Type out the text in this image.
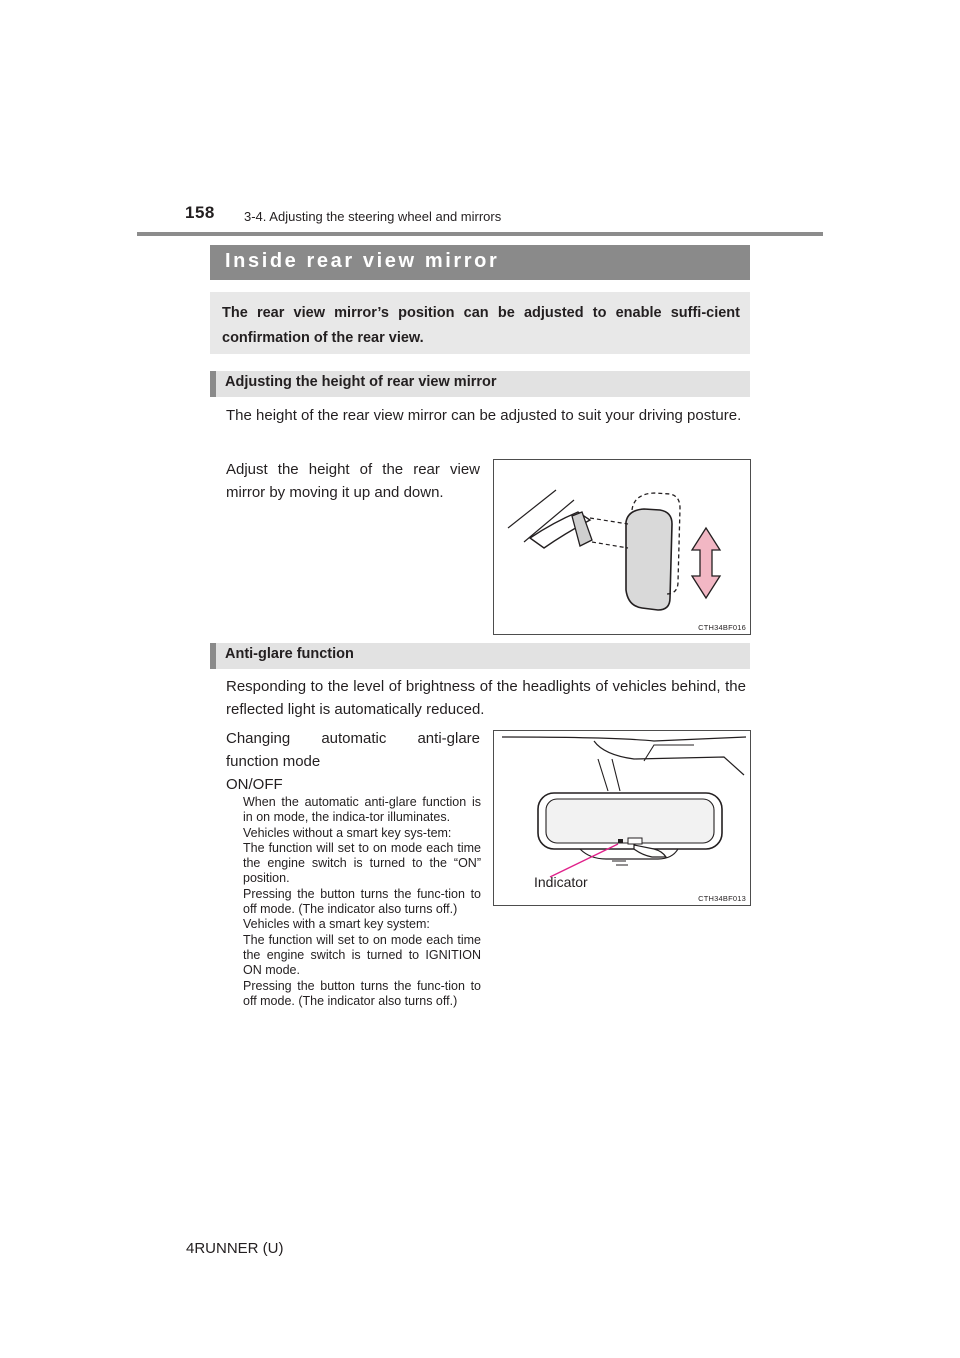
158 3-4. Adjusting the steering wheel and mirrors
Inside rear view mirror
The rear view mirror’s position can be adjusted to enable suffi-cient confirmation of the rear view.
Adjusting the height of rear view mirror
The height of the rear view mirror can be adjusted to suit your driving posture.
Adjust the height of the rear view mirror by moving it up and down.
CTH34BF016
Anti-glare function
Responding to the level of brightness of the headlights of vehicles behind, the reflected light is automatically reduced.
Changing automatic anti-glare
function mode
ON/OFF
When the automatic anti-glare function is in on mode, the indica-tor illuminates.
Vehicles without a smart key sys-tem:
The function will set to on mode each time the engine switch is turned to the “ON” position.
Pressing the button turns the func-tion to off mode. (The indicator also turns off.)
Vehicles with a smart key system:
The function will set to on mode each time the engine switch is turned to IGNITION ON mode.
Pressing the button turns the func-tion to off mode. (The indicator also turns off.)
Indicator
CTH34BF013
4RUNNER (U)
